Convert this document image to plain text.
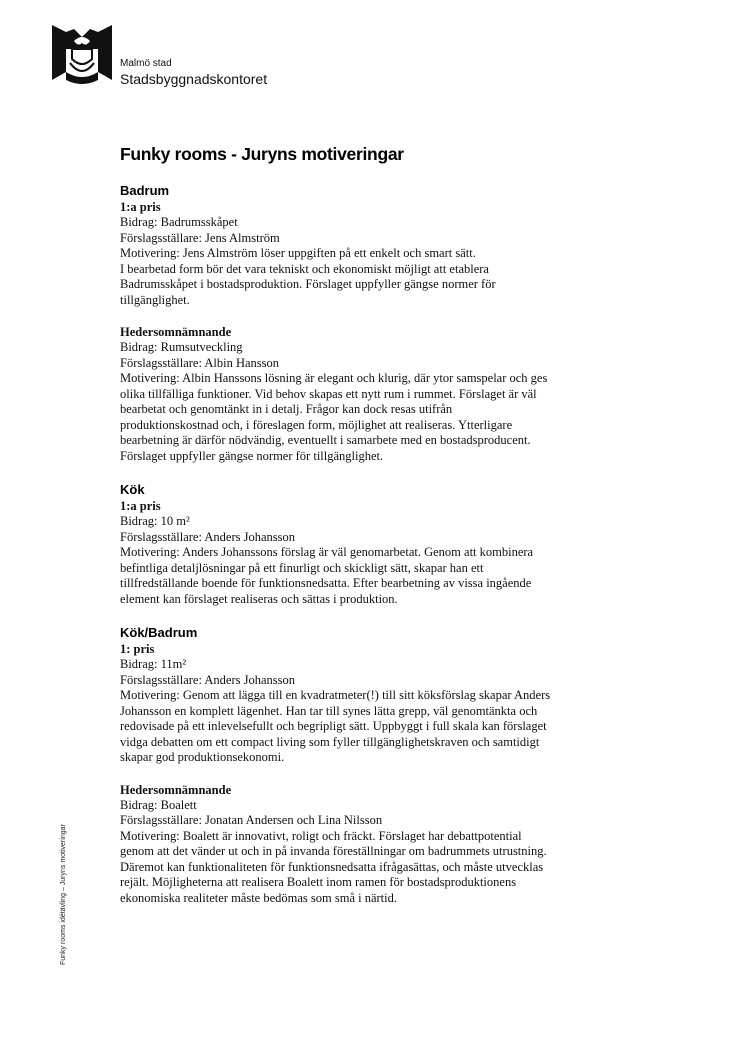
Malmö stad
Stadsbyggnadskontoret
Funky rooms - Juryns motiveringar
Badrum
1:a pris
Bidrag: Badrumsskåpet
Förslagsställare: Jens Almström
Motivering: Jens Almström löser uppgiften på ett enkelt och smart sätt.
I bearbetad form bör det vara tekniskt och ekonomiskt möjligt att etablera
Badrumsskåpet i bostadsproduktion. Förslaget uppfyller gängse normer för
tillgänglighet.
Hedersomnämnande
Bidrag: Rumsutveckling
Förslagsställare: Albin Hansson
Motivering: Albin Hanssons lösning är elegant och klurig, där ytor samspelar och ges
olika tillfälliga funktioner. Vid behov skapas ett nytt rum i rummet. Förslaget är väl
bearbetat och genomtänkt in i detalj. Frågor kan dock resas utifrån
produktionskostnad och, i föreslagen form, möjlighet att realiseras. Ytterligare
bearbetning är därför nödvändig, eventuellt i samarbete med en bostadsproducent.
Förslaget uppfyller gängse normer för tillgänglighet.
Kök
1:a pris
Bidrag: 10 m²
Förslagsställare: Anders Johansson
Motivering: Anders Johanssons förslag är väl genomarbetat. Genom att kombinera
befintliga detaljlösningar på ett finurligt och skickligt sätt, skapar han ett
tillfredställande boende för funktionsnedsatta. Efter bearbetning av vissa ingående
element kan förslaget realiseras och sättas i produktion.
Kök/Badrum
1: pris
Bidrag: 11m²
Förslagsställare: Anders Johansson
Motivering: Genom att lägga till en kvadratmeter(!) till sitt köksförslag skapar Anders
Johansson en komplett lägenhet. Han tar till synes lätta grepp, väl genomtänkta och
redovisade på ett inlevelsefullt och begripligt sätt. Uppbyggt i full skala kan förslaget
vidga debatten om ett compact living som fyller tillgänglighetskraven och samtidigt
skapar god produktionsekonomi.
Hedersomnämnande
Bidrag: Boalett
Förslagsställare: Jonatan Andersen och Lina Nilsson
Motivering: Boalett är innovativt, roligt och fräckt. Förslaget har debattpotential
genom att det vänder ut och in på invanda föreställningar om badrummets utrustning.
Däremot kan funktionaliteten för funktionsnedsatta ifrågasättas, och måste utvecklas
rejält. Möjligheterna att realisera Boalett inom ramen för bostadsproduktionens
ekonomiska realiteter måste bedömas som små i närtid.
Funky rooms idétävling – Juryns motiveringar
